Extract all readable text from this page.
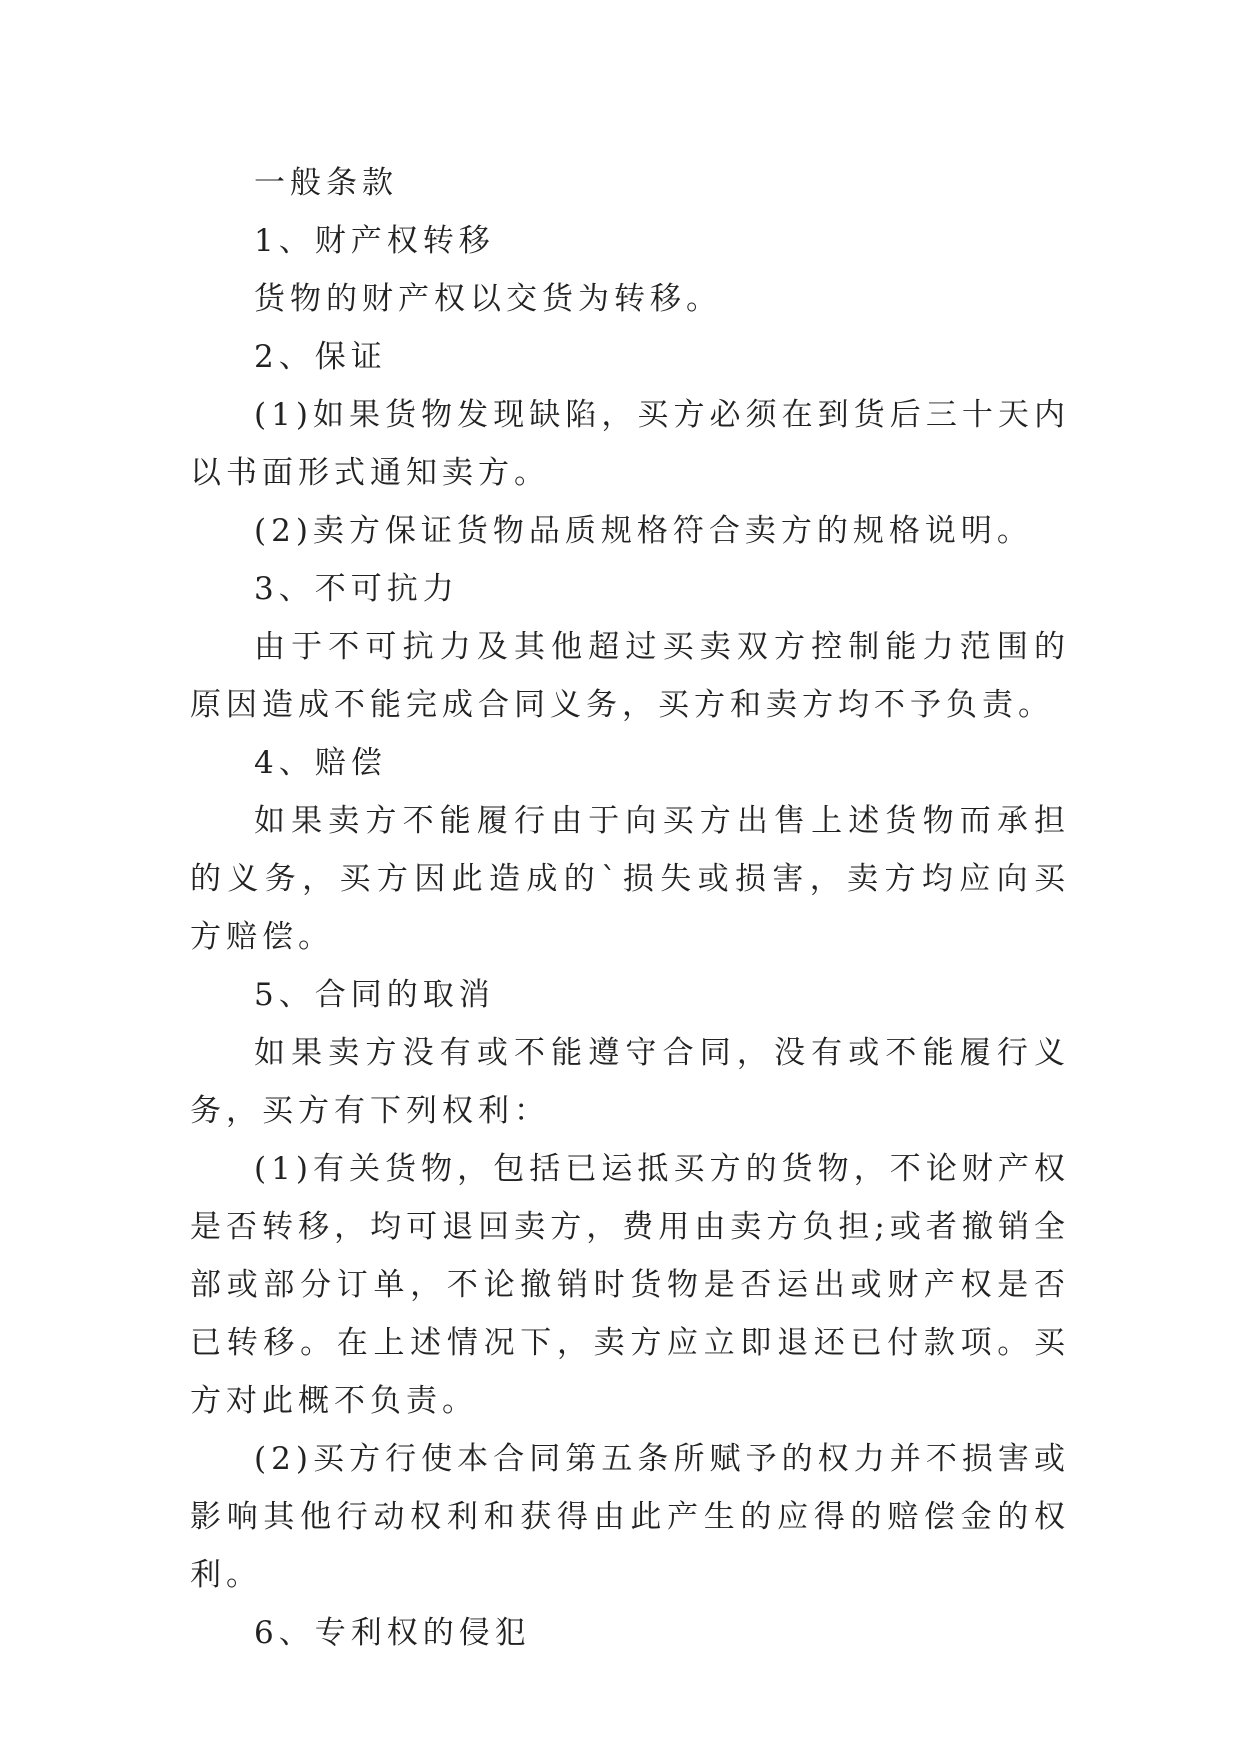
一般条款

1、财产权转移

货物的财产权以交货为转移。

2、保证

(1)如果货物发现缺陷，买方必须在到货后三十天内以书面形式通知卖方。

(2)卖方保证货物品质规格符合卖方的规格说明。

3、不可抗力

由于不可抗力及其他超过买卖双方控制能力范围的原因造成不能完成合同义务，买方和卖方均不予负责。

4、赔偿

如果卖方不能履行由于向买方出售上述货物而承担的义务，买方因此造成的`损失或损害，卖方均应向买方赔偿。

5、合同的取消

如果卖方没有或不能遵守合同，没有或不能履行义务，买方有下列权利：

(1)有关货物，包括已运抵买方的货物，不论财产权是否转移，均可退回卖方，费用由卖方负担;或者撤销全部或部分订单，不论撤销时货物是否运出或财产权是否已转移。在上述情况下，卖方应立即退还已付款项。买方对此概不负责。

(2)买方行使本合同第五条所赋予的权力并不损害或影响其他行动权利和获得由此产生的应得的赔偿金的权利。

6、专利权的侵犯
